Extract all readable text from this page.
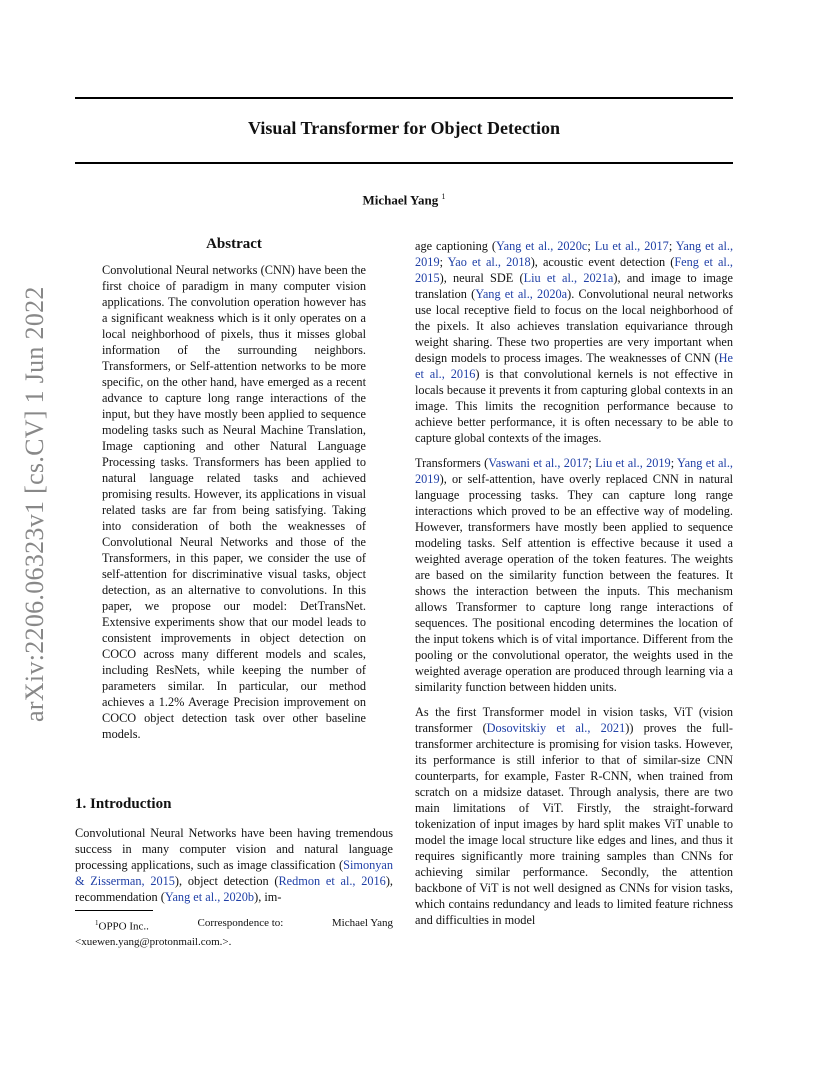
arXiv:2206.06323v1 [cs.CV] 1 Jun 2022
Visual Transformer for Object Detection
Michael Yang $^1$
Abstract
Convolutional Neural networks (CNN) have been the first choice of paradigm in many computer vision applications. The convolution operation however has a significant weakness which is it only operates on a local neighborhood of pixels, thus it misses global information of the surrounding neighbors. Transformers, or Self-attention networks to be more specific, on the other hand, have emerged as a recent advance to capture long range interactions of the input, but they have mostly been applied to sequence modeling tasks such as Neural Machine Translation, Image captioning and other Natural Language Processing tasks. Transformers has been applied to natural language related tasks and achieved promising results. However, its applications in visual related tasks are far from being satisfying. Taking into consideration of both the weaknesses of Convolutional Neural Networks and those of the Transformers, in this paper, we consider the use of self-attention for discriminative visual tasks, object detection, as an alternative to convolutions. In this paper, we propose our model: DetTransNet. Extensive experiments show that our model leads to consistent improvements in object detection on COCO across many different models and scales, including ResNets, while keeping the number of parameters similar. In particular, our method achieves a 1.2% Average Precision improvement on COCO object detection task over other baseline models.
1. Introduction
Convolutional Neural Networks have been having tremendous success in many computer vision and natural language processing applications, such as image classification (Simonyan & Zisserman, 2015), object detection (Redmon et al., 2016), recommendation (Yang et al., 2020b), im-
$^1$OPPO Inc..	Correspondence to:	Michael Yang
<xuewen.yang@protonmail.com.>.

age captioning (Yang et al., 2020c; Lu et al., 2017; Yang et al., 2019; Yao et al., 2018), acoustic event detection (Feng et al., 2015), neural SDE (Liu et al., 2021a), and image to image translation (Yang et al., 2020a). Convolutional neural networks use local receptive field to focus on the local neighborhood of the pixels. It also achieves translation equivariance through weight sharing. These two properties are very important when design models to process images. The weaknesses of CNN (He et al., 2016) is that convolutional kernels is not effective in locals because it prevents it from capturing global contexts in an image. This limits the recognition performance because to achieve better performance, it is often necessary to be able to capture global contexts of the images.

Transformers (Vaswani et al., 2017; Liu et al., 2019; Yang et al., 2019), or self-attention, have overly replaced CNN in natural language processing tasks. They can capture long range interactions which proved to be an effective way of modeling. However, transformers have mostly been applied to sequence modeling tasks. Self attention is effective because it used a weighted average operation of the token features. The weights are based on the similarity function between the features. It shows the interaction between the inputs. This mechanism allows Transformer to capture long range interactions of sequences. The positional encoding determines the location of the input tokens which is of vital importance. Different from the pooling or the convolutional operator, the weights used in the weighted average operation are produced through learning via a similarity function between hidden units.

As the first Transformer model in vision tasks, ViT (vision transformer (Dosovitskiy et al., 2021)) proves the full-transformer architecture is promising for vision tasks. However, its performance is still inferior to that of similar-size CNN counterparts, for example, Faster R-CNN, when trained from scratch on a midsize dataset. Through analysis, there are two main limitations of ViT. Firstly, the straight-forward tokenization of input images by hard split makes ViT unable to model the image local structure like edges and lines, and thus it requires significantly more training samples than CNNs for achieving similar performance. Secondly, the attention backbone of ViT is not well designed as CNNs for vision tasks, which contains redundancy and leads to limited feature richness and difficulties in model
